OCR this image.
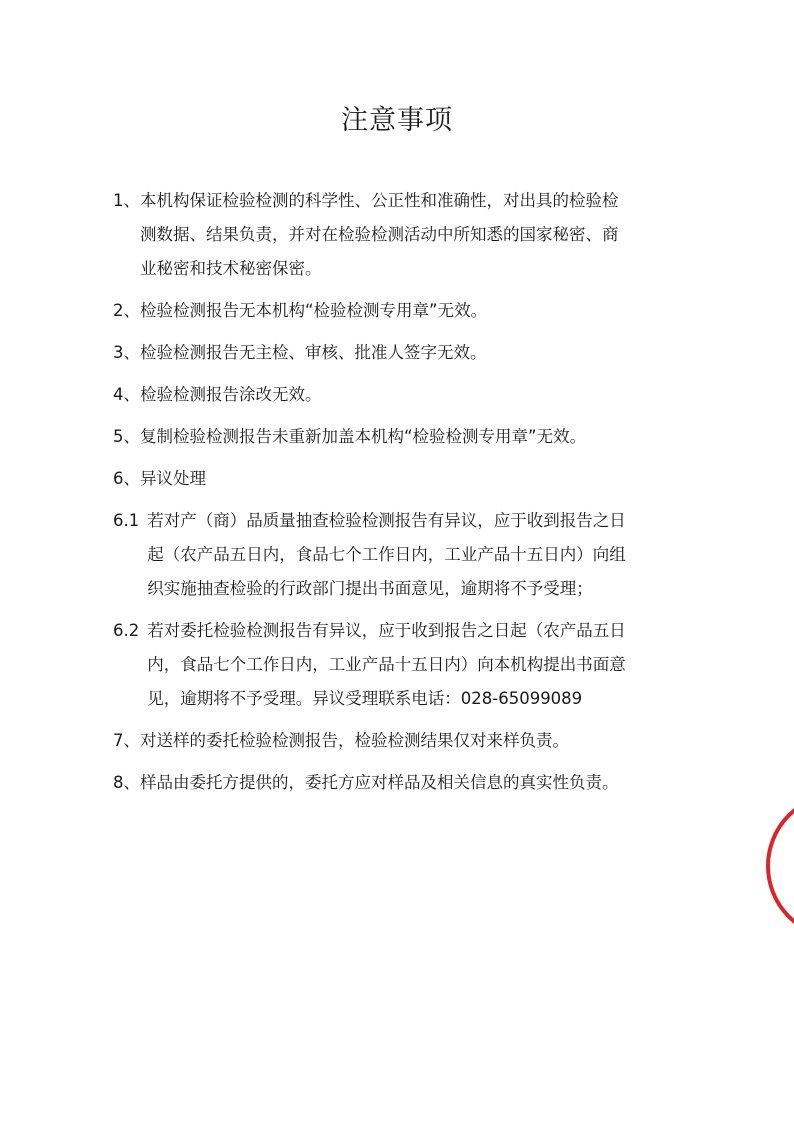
注意事项
1、 本机构保证检验检测的科学性、公正性和准确性，对出具的检验检
测数据、结果负责，并对在检验检测活动中所知悉的国家秘密、商
业秘密和技术秘密保密。
2、 检验检测报告无本机构“检验检测专用章”无效。
3、 检验检测报告无主检、审核、批准人签字无效。
4、 检验检测报告涂改无效。
5、 复制检验检测报告未重新加盖本机构“检验检测专用章”无效。
6、 异议处理
6.1 若对产（商）品质量抽查检验检测报告有异议，应于收到报告之日
起（农产品五日内，食品七个工作日内，工业产品十五日内）向组
织实施抽查检验的行政部门提出书面意见，逾期将不予受理；
6.2 若对委托检验检测报告有异议，应于收到报告之日起（农产品五日
内，食品七个工作日内，工业产品十五日内）向本机构提出书面意
见，逾期将不予受理。异议受理联系电话：028-65099089
7、 对送样的委托检验检测报告，检验检测结果仅对来样负责。
8、 样品由委托方提供的，委托方应对样品及相关信息的真实性负责。
